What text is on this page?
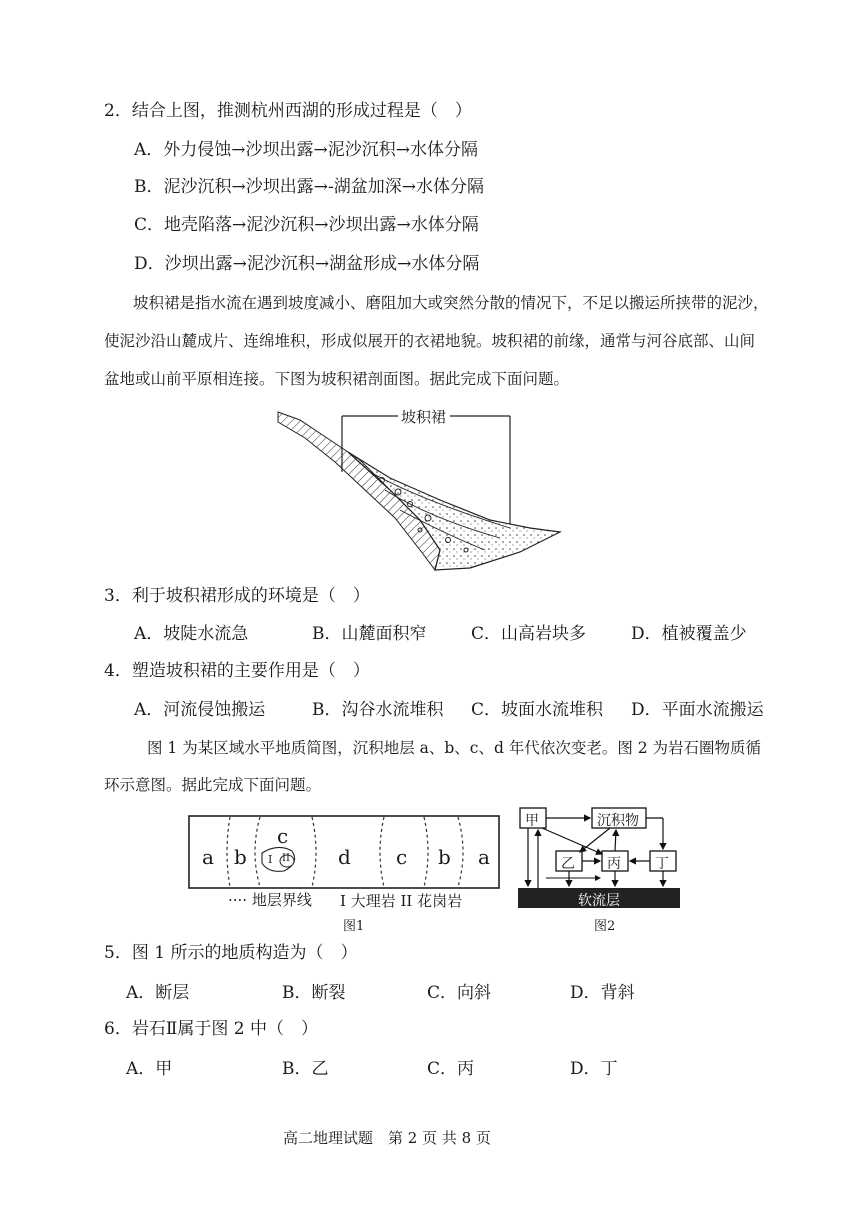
2．结合上图，推测杭州西湖的形成过程是（　）
A．外力侵蚀→沙坝出露→泥沙沉积→水体分隔
B．泥沙沉积→沙坝出露→-湖盆加深→水体分隔
C．地壳陷落→泥沙沉积→沙坝出露→水体分隔
D．沙坝出露→泥沙沉积→湖盆形成→水体分隔
坡积裙是指水流在遇到坡度减小、磨阻加大或突然分散的情况下，不足以搬运所挟带的泥沙，
使泥沙沿山麓成片、连绵堆积，形成似展开的衣裙地貌。坡积裙的前缘，通常与河谷底部、山间
盆地或山前平原相连接。下图为坡积裙剖面图。据此完成下面问题。
坡积裙
3．利于坡积裙形成的环境是（　）
A．坡陡水流急	B．山麓面积窄	C．山高岩块多	D．植被覆盖少
4．塑造坡积裙的主要作用是（　）
A．河流侵蚀搬运	B．沟谷水流堆积 C．坡面水流堆积 D．平面水流搬运
图 1 为某区域水平地质简图，沉积地层 a、b、c、d 年代依次变老。图 2 为岩石圈物质循
环示意图。据此完成下面问题。
a b
c
d c b a
I II
···· 地层界线 I 大理岩 II 花岗岩
图1
甲	沉积物
乙 丙 丁
软流层
图2
5．图 1 所示的地质构造为（　）
A．断层	B．断裂	C．向斜	D．背斜
6．岩石Ⅱ属于图 2 中（　）
A．甲	B．乙	C．丙	D．丁
高二地理试题　第 2 页 共 8 页
